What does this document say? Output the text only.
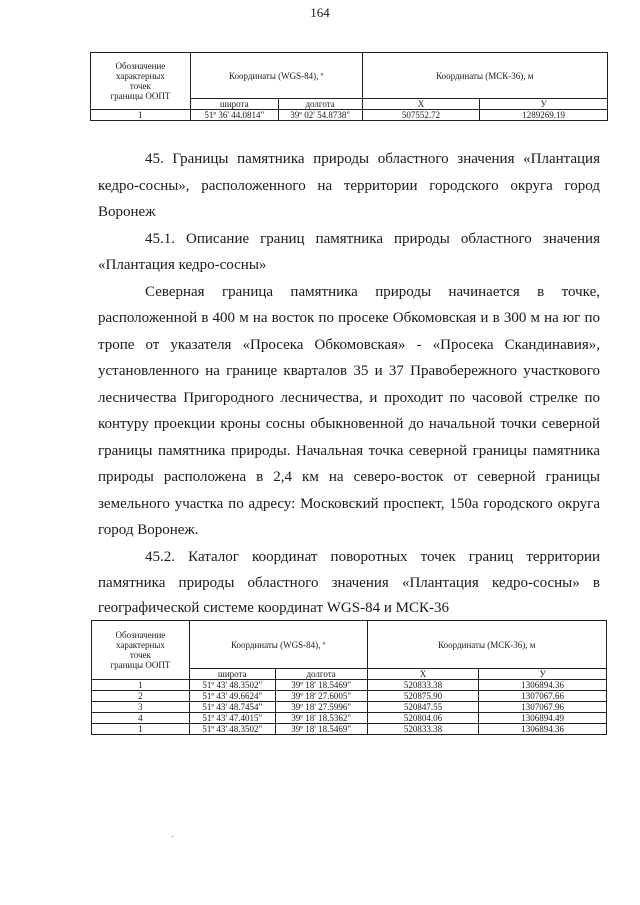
164
Обозначение
характерных
точек
границы ООПТ	Координаты (WGS-84), º		Координаты (МСК-36), м	
	широта	долгота	X	У
1	51º 36' 44.0814"	39º 02' 54.8738"	507552.72	1289269.19
45. Границы памятника природы областного значения «Плантация
кедро-сосны», расположенного на территории городского округа город
Воронеж
45.1. Описание границ памятника природы областного значения
«Плантация кедро-сосны»
Северная граница памятника природы начинается в точке,
расположенной в 400 м на восток по просеке Обкомовская и в 300 м на юг по
тропе от указателя «Просека Обкомовская» - «Просека Скандинавия»,
установленного на границе кварталов 35 и 37 Правобережного участкового
лесничества Пригородного лесничества, и проходит по часовой стрелке по
контуру проекции кроны сосны обыкновенной до начальной точки северной
границы памятника природы. Начальная точка северной границы памятника
природы расположена в 2,4 км на северо-восток от северной границы
земельного участка по адресу: Московский проспект, 150а городского округа
город Воронеж.
45.2. Каталог координат поворотных точек границ территории
памятника природы областного значения «Плантация кедро-сосны» в
географической системе координат WGS-84 и МСК-36
Обозначение
характерных
точек
границы ООПТ	Координаты (WGS-84), º		Координаты (МСК-36), м	
	широта	долгота	X	У
1	51º 43' 48.3502"	39º 18' 18.5469"	520833.38	1306894.36
2	51º 43' 49.6624"	39º 18' 27.6005"	520875.90	1307067.66
3	51º 43' 48.7454"	39º 18' 27.5996"	520847.55	1307067.96
4	51º 43' 47.4015"	39º 18' 18.5362"	520804.06	1306894.49
1	51º 43' 48.3502"	39º 18' 18.5469"	520833.38	1306894.36
